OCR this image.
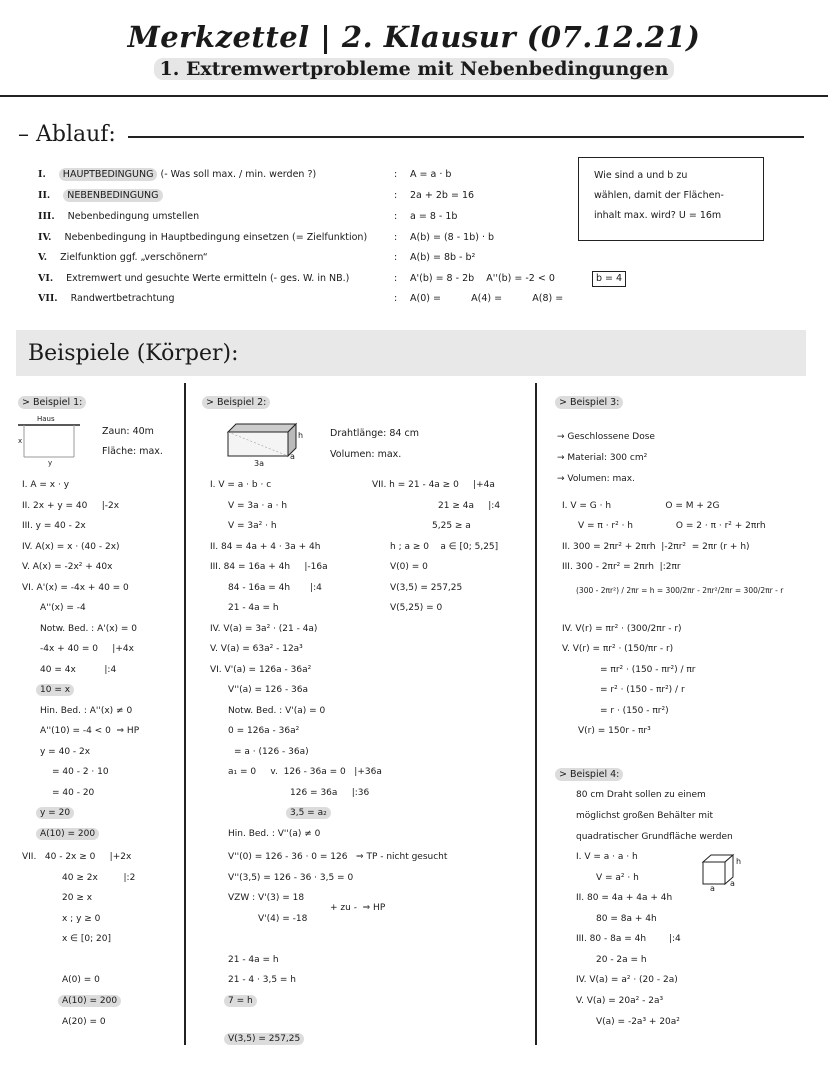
Merkzettel | 2. Klausur (07.12.21)
1. Extremwertprobleme mit Nebenbedingungen
– Ablauf:
I. HAUPTBEDINGUNG (- Was soll max. / min. werden ?)
II. NEBENBEDINGUNG
III. Nebenbedingung umstellen
IV. Nebenbedingung in Hauptbedingung einsetzen (= Zielfunktion)
V. Zielfunktion ggf. „verschönern“
VI. Extremwert und gesuchte Werte ermitteln (- ges. W. in NB.)
VII. Randwertbetrachtung
:
:
:
:
:
:
:
A = a · b
2a + 2b = 16
a = 8 - 1b
A(b) = (8 - 1b) · b
A(b) = 8b - b²
A'(b) = 8 - 2b    A''(b) = -2 < 0
A(0) =          A(4) =          A(8) =
b = 4
Wie sind a und b zu
wählen, damit der Flächen-
inhalt max. wird? U = 16m
Beispiele (Körper):
> Beispiel 1:
Haus
x
y
Zaun: 40m
Fläche: max.
I. A = x · y
II. 2x + y = 40     |-2x
III. y = 40 - 2x
IV. A(x) = x · (40 - 2x)
V. A(x) = -2x² + 40x
VI. A'(x) = -4x + 40 = 0
A''(x) = -4
Notw. Bed. : A'(x) = 0
-4x + 40 = 0     |+4x
40 = 4x          |:4
10 = x
Hin. Bed. : A''(x) ≠ 0
A''(10) = -4 < 0  ⇒ HP
y = 40 - 2x
= 40 - 2 · 10
= 40 - 20
y = 20
A(10) = 200
VII.   40 - 2x ≥ 0     |+2x
40 ≥ 2x         |:2
20 ≥ x
x ; y ≥ 0
x ∈ [0; 20]
A(0) = 0
A(10) = 200
A(20) = 0
> Beispiel 2:
h
a
3a
Drahtlänge: 84 cm
Volumen: max.
I. V = a · b · c
V = 3a · a · h
V = 3a² · h
II. 84 = 4a + 4 · 3a + 4h
III. 84 = 16a + 4h     |-16a
84 - 16a = 4h       |:4
21 - 4a = h
IV. V(a) = 3a² · (21 - 4a)
V. V(a) = 63a² - 12a³
VI. V'(a) = 126a - 36a²
V''(a) = 126 - 36a
Notw. Bed. : V'(a) = 0
0 = 126a - 36a²
= a · (126 - 36a)
a₁ = 0     v.  126 - 36a = 0   |+36a
126 = 36a     |:36
3,5 = a₂
Hin. Bed. : V''(a) ≠ 0
V''(0) = 126 - 36 · 0 = 126   ⇒ TP - nicht gesucht
V''(3,5) = 126 - 36 · 3,5 = 0
VZW : V'(3) = 18
V'(4) = -18
+ zu -  ⇒ HP
21 - 4a = h
21 - 4 · 3,5 = h
7 = h
V(3,5) = 257,25
VII. h = 21 - 4a ≥ 0     |+4a
21 ≥ 4a     |:4
5,25 ≥ a
h ; a ≥ 0    a ∈ [0; 5,25]
V(0) = 0
V(3,5) = 257,25
V(5,25) = 0
> Beispiel 3:
→ Geschlossene Dose
→ Material: 300 cm²
→ Volumen: max.
I. V = G · h                   O = M + 2G
V = π · r² · h               O = 2 · π · r² + 2πrh
II. 300 = 2πr² + 2πrh  |-2πr²  = 2πr (r + h)
III. 300 - 2πr² = 2πrh  |:2πr
(300 - 2πr²) / 2πr = h = 300/2πr - 2πr²/2πr = 300/2πr - r
IV. V(r) = πr² · (300/2πr - r)
V. V(r) = πr² · (150/πr - r)
= πr² · (150 - πr²) / πr
= r² · (150 - πr²) / r
= r · (150 - πr²)
V(r) = 150r - πr³
> Beispiel 4:
80 cm Draht sollen zu einem
möglichst großen Behälter mit
quadratischer Grundfläche werden
h
a
a
I. V = a · a · h
V = a² · h
II. 80 = 4a + 4a + 4h
80 = 8a + 4h
III. 80 - 8a = 4h        |:4
20 - 2a = h
IV. V(a) = a² · (20 - 2a)
V. V(a) = 20a² - 2a³
V(a) = -2a³ + 20a²
